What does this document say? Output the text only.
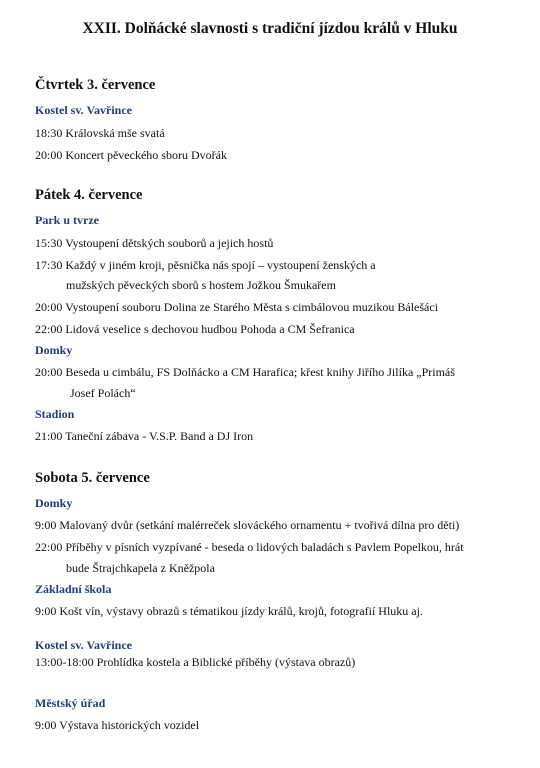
XXII. Dolňácké slavnosti s tradiční jízdou králů v Hluku
Čtvrtek 3. července
Kostel sv. Vavřince
18:30 Královská mše svatá
20:00 Koncert pěveckého sboru Dvořák
Pátek 4. července
Park u tvrze
15:30 Vystoupení dětských souborů a jejich hostů
17:30 Každý v jiném kroji, pěsnička nás spojí – vystoupení ženských a
mužských pěveckých sborů s hostem Jožkou Šmukařem
20:00 Vystoupení souboru Dolina ze Starého Města s cimbálovou muzikou Bálešáci
22:00 Lidová veselice s dechovou hudbou Pohoda a CM Šefranica
Domky
20:00 Beseda u cimbálu, FS Dolňácko a CM Harafica; křest knihy Jiřího Jilíka „Primáš
Josef Polách“
Stadion
21:00 Taneční zábava - V.S.P. Band a DJ Iron
Sobota 5. července
Domky
9:00 Malovaný dvůr (setkání malérreček slováckého ornamentu + tvořivá dílna pro děti)
22:00 Příběhy v písních vyzpívané - beseda o lidových baladách s Pavlem Popelkou, hrát
bude Štrajchkapela z Kněžpola
Základní škola
9:00 Košt vín, výstavy obrazů s tématikou jízdy králů, krojů, fotografií Hluku aj.
Kostel sv. Vavřince
13:00-18:00 Prohlídka kostela a Biblické příběhy (výstava obrazů)
Městský úřad
9:00 Výstava historických vozidel
